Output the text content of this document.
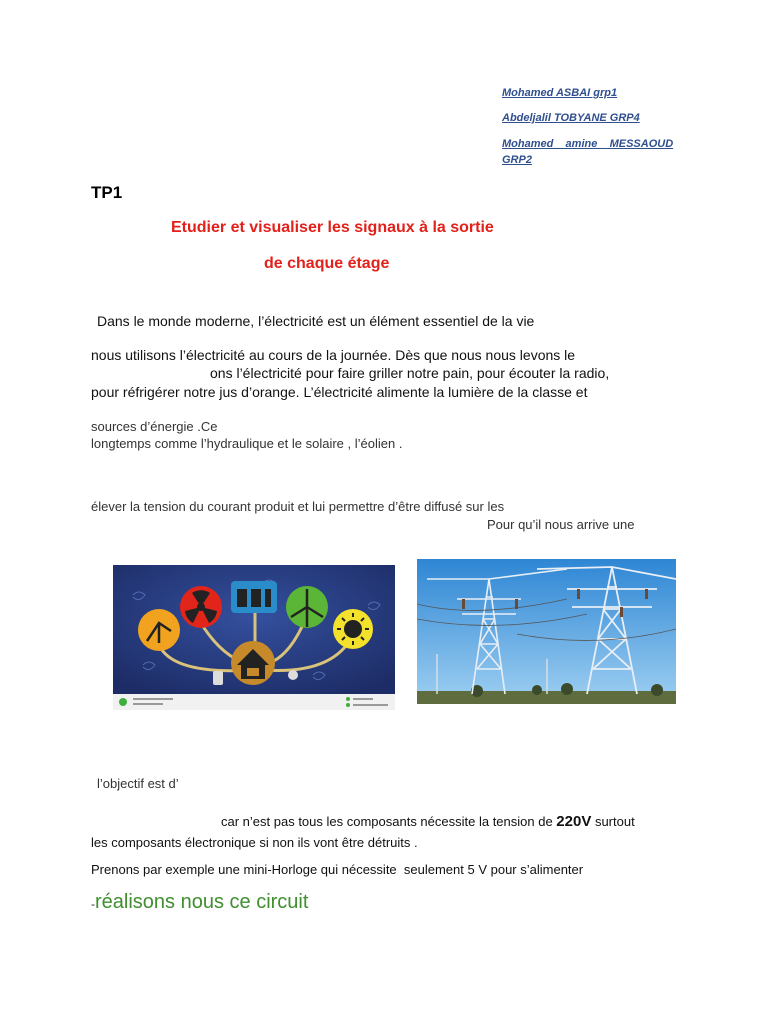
Mohamed ASBAI grp1
Abdeljalil TOBYANE GRP4
Mohamed    amine    MESSAOUD
GRP2
TP1
Etudier et visualiser les signaux à la sortie
de chaque étage
Dans le monde moderne, l’électricité est un élément essentiel de la vie
nous utilisons l’électricité au cours de la journée. Dès que nous nous levons le
ons l’électricité pour faire griller notre pain, pour écouter la radio,
pour réfrigérer notre jus d’orange. L’électricité alimente la lumière de la classe et
sources d’énergie .Ce
longtemps comme l’hydraulique et le solaire , l’éolien .
élever la tension du courant produit et lui permettre d’être diffusé sur les
Pour qu’il nous arrive une
l’objectif est d’
car n’est pas tous les composants nécessite la tension de 220V surtout
les composants électronique si non ils vont être détruits .
Prenons par exemple une mini-Horloge qui nécessite  seulement 5 V pour s’alimenter
-réalisons nous ce circuit
